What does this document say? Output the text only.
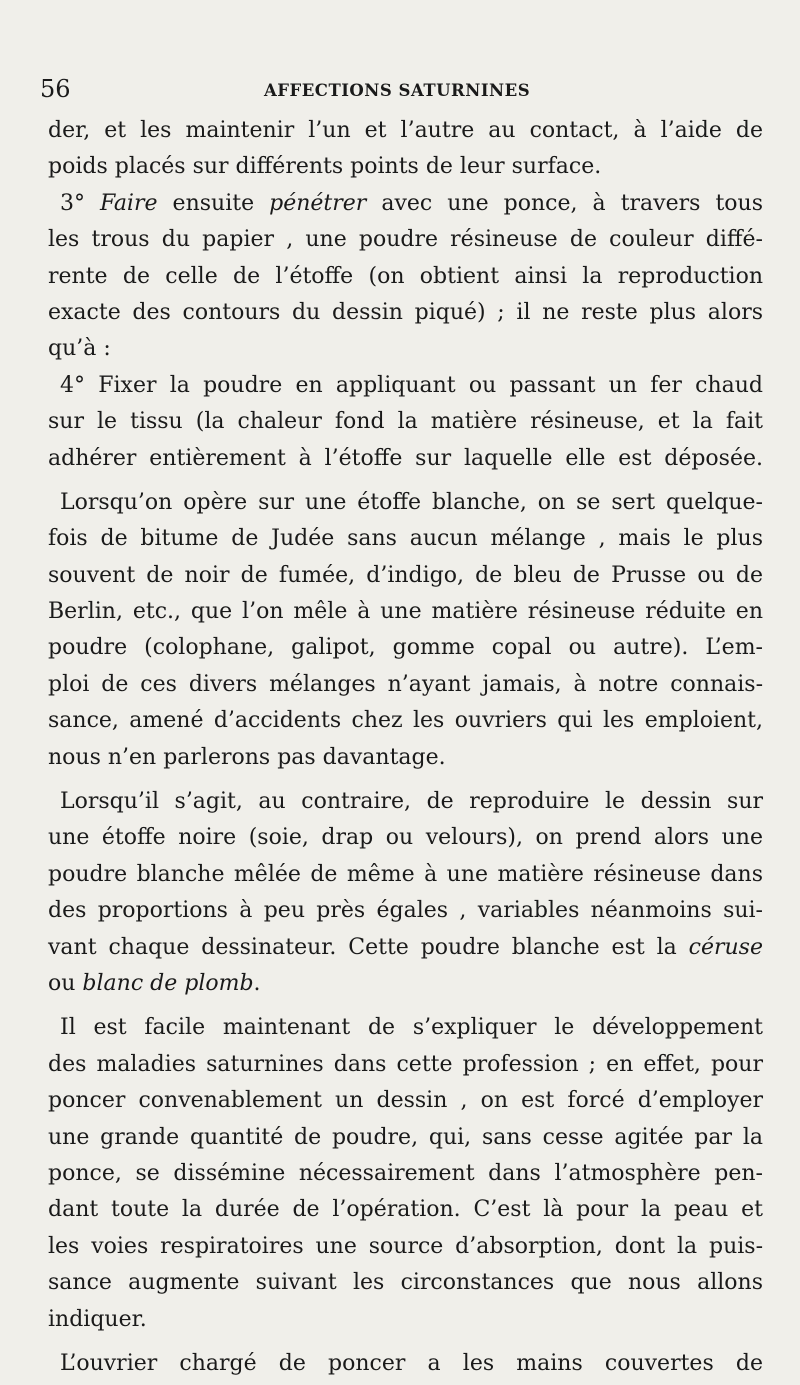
56	AFFECTIONS SATURNINES
der, et les maintenir l’un et l’autre au contact, à l’aide de
poids placés sur différents points de leur surface.
3° Faire ensuite pénétrer avec une ponce, à travers tous
les trous du papier , une poudre résineuse de couleur diffé-
rente de celle de l’étoffe (on obtient ainsi la reproduction
exacte des contours du dessin piqué) ; il ne reste plus alors
qu’à :
4° Fixer la poudre en appliquant ou passant un fer chaud
sur le tissu (la chaleur fond la matière résineuse, et la fait
adhérer entièrement à l’étoffe sur laquelle elle est déposée.
Lorsqu’on opère sur une étoffe blanche, on se sert quelque-
fois de bitume de Judée sans aucun mélange , mais le plus
souvent de noir de fumée, d’indigo, de bleu de Prusse ou de
Berlin, etc., que l’on mêle à une matière résineuse réduite en
poudre (colophane, galipot, gomme copal ou autre). L’em-
ploi de ces divers mélanges n’ayant jamais, à notre connais-
sance, amené d’accidents chez les ouvriers qui les emploient,
nous n’en parlerons pas davantage.
Lorsqu’il s’agit, au contraire, de reproduire le dessin sur
une étoffe noire (soie, drap ou velours), on prend alors une
poudre blanche mêlée de même à une matière résineuse dans
des proportions à peu près égales , variables néanmoins sui-
vant chaque dessinateur. Cette poudre blanche est la céruse
ou blanc de plomb.
Il est facile maintenant de s’expliquer le développement
des maladies saturnines dans cette profession ; en effet, pour
poncer convenablement un dessin , on est forcé d’employer
une grande quantité de poudre, qui, sans cesse agitée par la
ponce, se dissémine nécessairement dans l’atmosphère pen-
dant toute la durée de l’opération. C’est là pour la peau et
les voies respiratoires une source d’absorption, dont la puis-
sance augmente suivant les circonstances que nous allons
indiquer.
L’ouvrier chargé de poncer a les mains couvertes de
